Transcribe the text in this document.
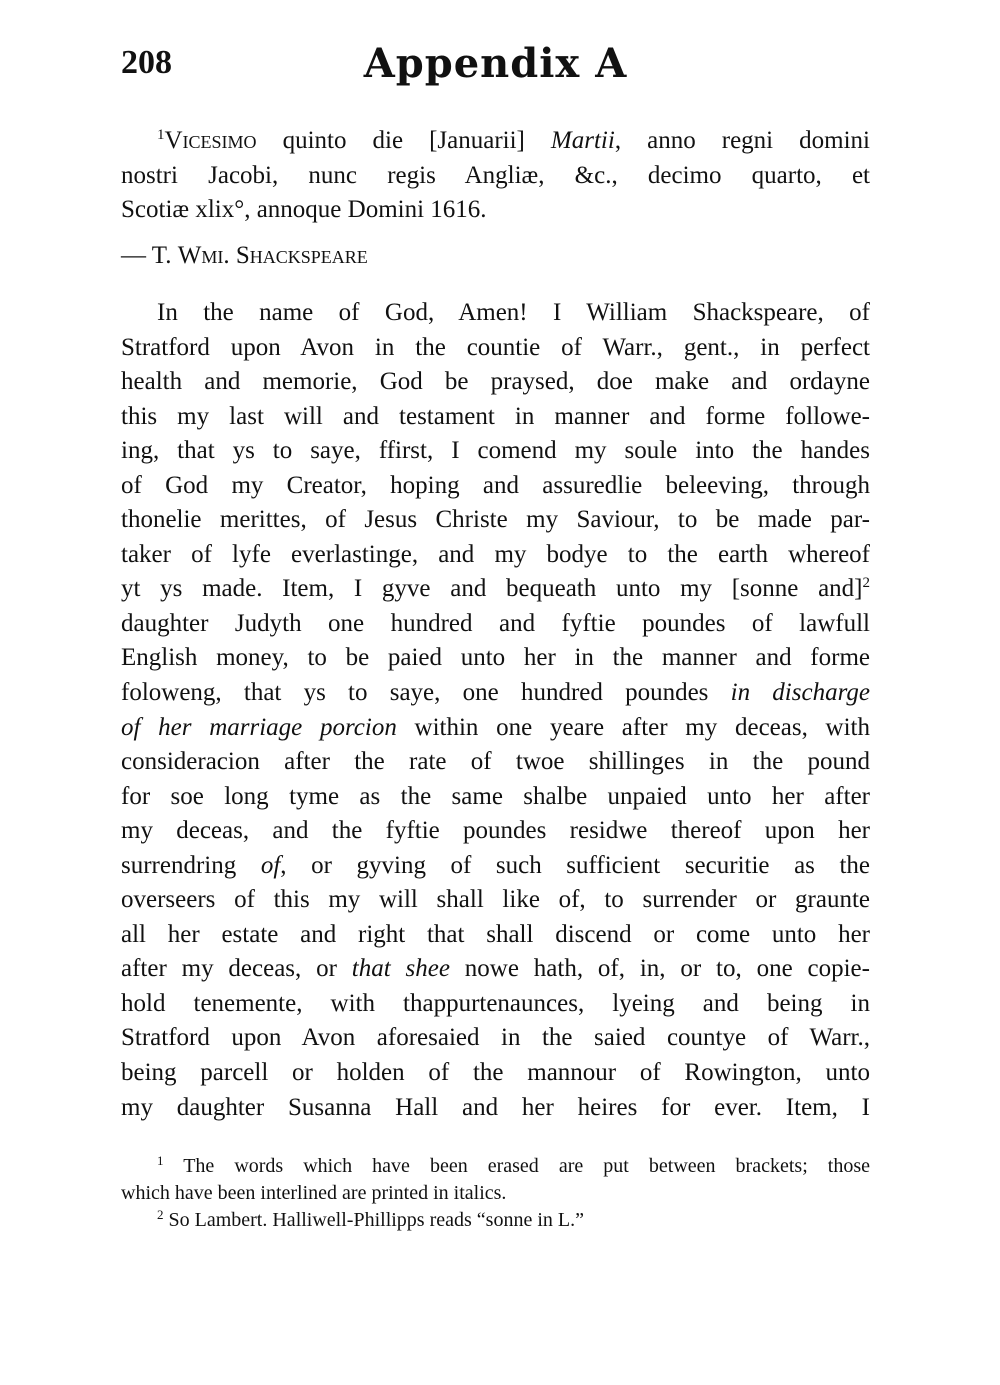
208	Appendix A
$^1$Vicesimo quinto die [Januarii] Martii, anno regni domini
nostri Jacobi, nunc regis Angliæ, &c., decimo quarto, et
Scotiæ xlix°, annoque Domini 1616.
— T. Wmi. Shackspeare
In the name of God, Amen! I William Shackspeare, of
Stratford upon Avon in the countie of Warr., gent., in perfect
health and memorie, God be praysed, doe make and ordayne
this my last will and testament in manner and forme followe-
ing, that ys to saye, ffirst, I comend my soule into the handes
of God my Creator, hoping and assuredlie beleeving, through
thonelie merittes, of Jesus Christe my Saviour, to be made par-
taker of lyfe everlastinge, and my bodye to the earth whereof
yt ys made. Item, I gyve and bequeath unto my [sonne and]$^2$
daughter Judyth one hundred and fyftie poundes of lawfull
English money, to be paied unto her in the manner and forme
foloweng, that ys to saye, one hundred poundes in discharge
of her marriage porcion within one yeare after my deceas, with
consideracion after the rate of twoe shillinges in the pound
for soe long tyme as the same shalbe unpaied unto her after
my deceas, and the fyftie poundes residwe thereof upon her
surrendring of, or gyving of such sufficient securitie as the
overseers of this my will shall like of, to surrender or graunte
all her estate and right that shall discend or come unto her
after my deceas, or that shee nowe hath, of, in, or to, one copie-
hold tenemente, with thappurtenaunces, lyeing and being in
Stratford upon Avon aforesaied in the saied countye of Warr.,
being parcell or holden of the mannour of Rowington, unto
my daughter Susanna Hall and her heires for ever. Item, I
$^1$ The words which have been erased are put between brackets; those
which have been interlined are printed in italics.
$^2$ So Lambert. Halliwell-Phillipps reads “sonne in L.”
